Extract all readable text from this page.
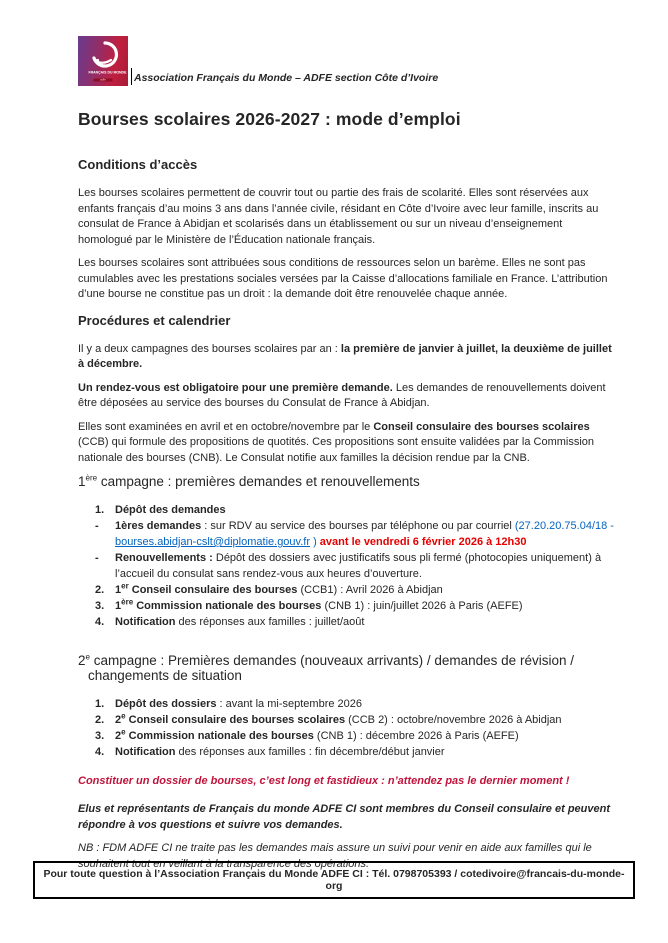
FRANÇAIS DU MONDE
adfe	Association Français du Monde – ADFE section Côte d’Ivoire
Bourses scolaires 2026-2027 : mode d’emploi
Conditions d’accès

Les bourses scolaires permettent de couvrir tout ou partie des frais de scolarité. Elles sont réservées aux enfants français d’au moins 3 ans dans l’année civile, résidant en Côte d’Ivoire avec leur famille, inscrits au consulat de France à Abidjan et scolarisés dans un établissement ou sur un niveau d’enseignement homologué par le Ministère de l’Éducation nationale français.

Les bourses scolaires sont attribuées sous conditions de ressources selon un barème. Elles ne sont pas cumulables avec les prestations sociales versées par la Caisse d’allocations familiale en France. L’attribution d’une bourse ne constitue pas un droit : la demande doit être renouvelée chaque année.

Procédures et calendrier

Il y a deux campagnes des bourses scolaires par an : la première de janvier à juillet, la deuxième de juillet à décembre.

Un rendez-vous est obligatoire pour une première demande. Les demandes de renouvellements doivent être déposées au service des bourses du Consulat de France à Abidjan.

Elles sont examinées en avril et en octobre/novembre par le Conseil consulaire des bourses scolaires (CCB) qui formule des propositions de quotités. Ces propositions sont ensuite validées par la Commission nationale des bourses (CNB). Le Consulat notifie aux familles la décision rendue par la CNB.

1ère campagne : premières demandes et renouvellements
1. Dépôt des demandes
-	1ères demandes : sur RDV au service des bourses par téléphone ou par courriel (27.20.20.75.04/18 - bourses.abidjan-cslt@diplomatie.gouv.fr ) avant le vendredi 6 février 2026 à 12h30
-	Renouvellements : Dépôt des dossiers avec justificatifs sous pli fermé (photocopies uniquement) à l’accueil du consulat sans rendez-vous aux heures d’ouverture.
2. 1er Conseil consulaire des bourses (CCB1) : Avril 2026 à Abidjan
3. 1ère Commission nationale des bourses (CNB 1) : juin/juillet 2026 à Paris (AEFE)
4. Notification des réponses aux familles : juillet/août
2e campagne : Premières demandes (nouveaux arrivants) / demandes de révision /
changements de situation
1. Dépôt des dossiers : avant la mi-septembre 2026
2. 2e Conseil consulaire des bourses scolaires (CCB 2) : octobre/novembre 2026 à Abidjan
3. 2e Commission nationale des bourses (CNB 1) : décembre 2026 à Paris (AEFE)
4. Notification des réponses aux familles : fin décembre/début janvier

Constituer un dossier de bourses, c’est long et fastidieux : n’attendez pas le dernier moment !

Elus et représentants de Français du monde ADFE CI sont membres du Conseil consulaire et peuvent répondre à vos questions et suivre vos demandes.

NB : FDM ADFE CI ne traite pas les demandes mais assure un suivi pour venir en aide aux familles qui le souhaitent tout en veillant à la transparence des opérations.

Pour toute question à l’Association Français du Monde ADFE CI : Tél. 0798705393 / cotedivoire@francais-du-monde-org
